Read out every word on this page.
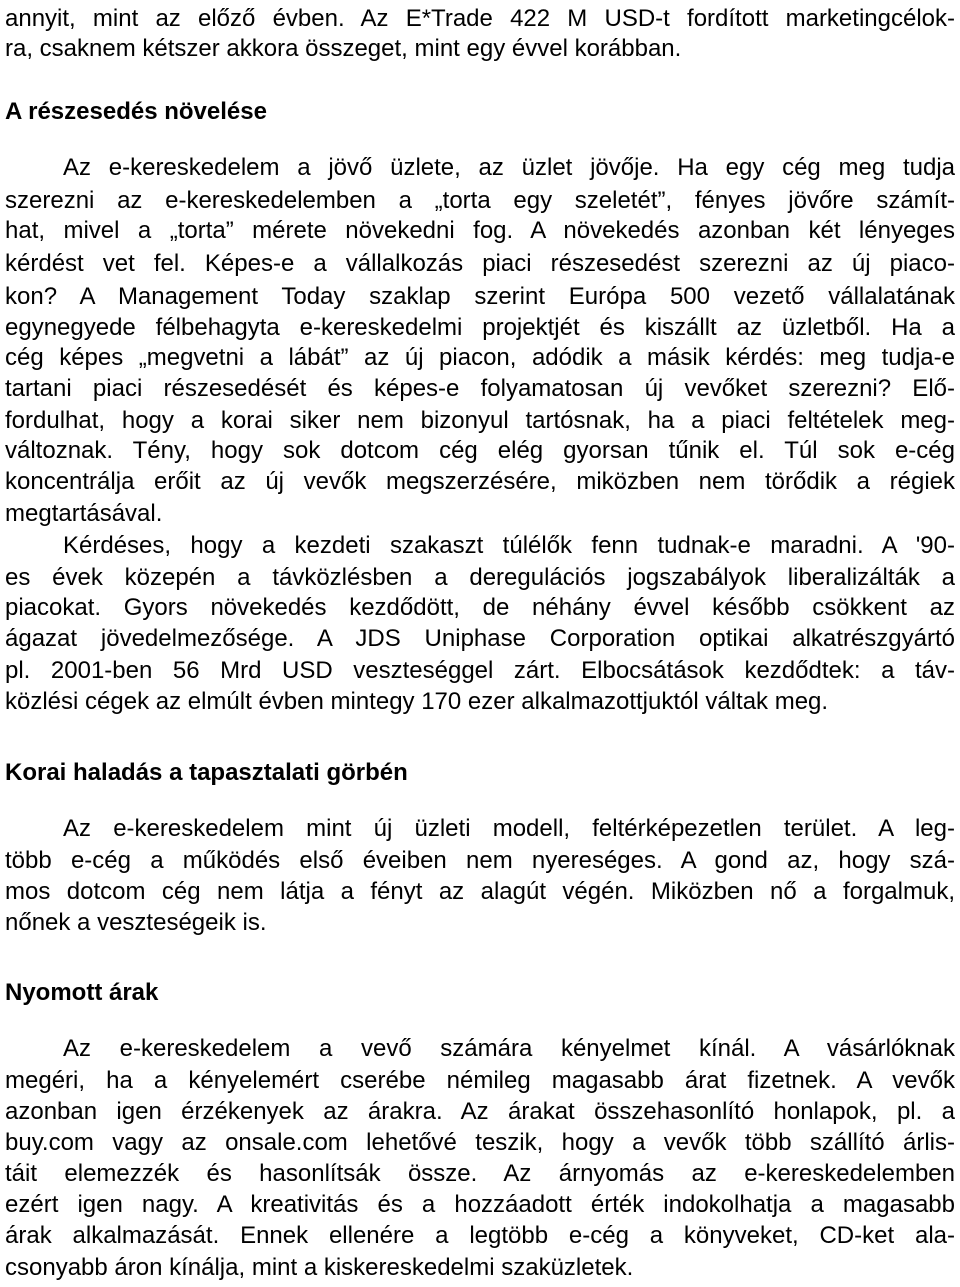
annyit, mint az előző évben. Az E*Trade 422 M USD-t fordított marketingcélok-
ra, csaknem kétszer akkora összeget, mint egy évvel korábban.
A részesedés növelése
Az e-kereskedelem a jövő üzlete, az üzlet jövője. Ha egy cég meg tudja
szerezni az e-kereskedelemben a „torta egy szeletét”, fényes jövőre számít-
hat, mivel a „torta” mérete növekedni fog. A növekedés azonban két lényeges
kérdést vet fel. Képes-e a vállalkozás piaci részesedést szerezni az új piaco-
kon? A Management Today szaklap szerint Európa 500 vezető vállalatának
egynegyede félbehagyta e-kereskedelmi projektjét és kiszállt az üzletből. Ha a
cég képes „megvetni a lábát” az új piacon, adódik a másik kérdés: meg tudja-e
tartani piaci részesedését és képes-e folyamatosan új vevőket szerezni? Elő-
fordulhat, hogy a korai siker nem bizonyul tartósnak, ha a piaci feltételek meg-
változnak. Tény, hogy sok dotcom cég elég gyorsan tűnik el. Túl sok e-cég
koncentrálja erőit az új vevők megszerzésére, miközben nem törődik a régiek
megtartásával.
Kérdéses, hogy a kezdeti szakaszt túlélők fenn tudnak-e maradni. A '90-
es évek közepén a távközlésben a deregulációs jogszabályok liberalizálták a
piacokat. Gyors növekedés kezdődött, de néhány évvel később csökkent az
ágazat jövedelmezősége. A JDS Uniphase Corporation optikai alkatrészgyártó
pl. 2001-ben 56 Mrd USD veszteséggel zárt. Elbocsátások kezdődtek: a táv-
közlési cégek az elmúlt évben mintegy 170 ezer alkalmazottjuktól váltak meg.
Korai haladás a tapasztalati görbén
Az e-kereskedelem mint új üzleti modell, feltérképezetlen terület. A leg-
több e-cég a működés első éveiben nem nyereséges. A gond az, hogy szá-
mos dotcom cég nem látja a fényt az alagút végén. Miközben nő a forgalmuk,
nőnek a veszteségeik is.
Nyomott árak
Az e-kereskedelem a vevő számára kényelmet kínál. A vásárlóknak
megéri, ha a kényelemért cserébe némileg magasabb árat fizetnek. A vevők
azonban igen érzékenyek az árakra. Az árakat összehasonlító honlapok, pl. a
buy.com vagy az onsale.com lehetővé teszik, hogy a vevők több szállító árlis-
táit elemezzék és hasonlítsák össze. Az árnyomás az e-kereskedelemben
ezért igen nagy. A kreativitás és a hozzáadott érték indokolhatja a magasabb
árak alkalmazását. Ennek ellenére a legtöbb e-cég a könyveket, CD-ket ala-
csonyabb áron kínálja, mint a kiskereskedelmi szaküzletek.
